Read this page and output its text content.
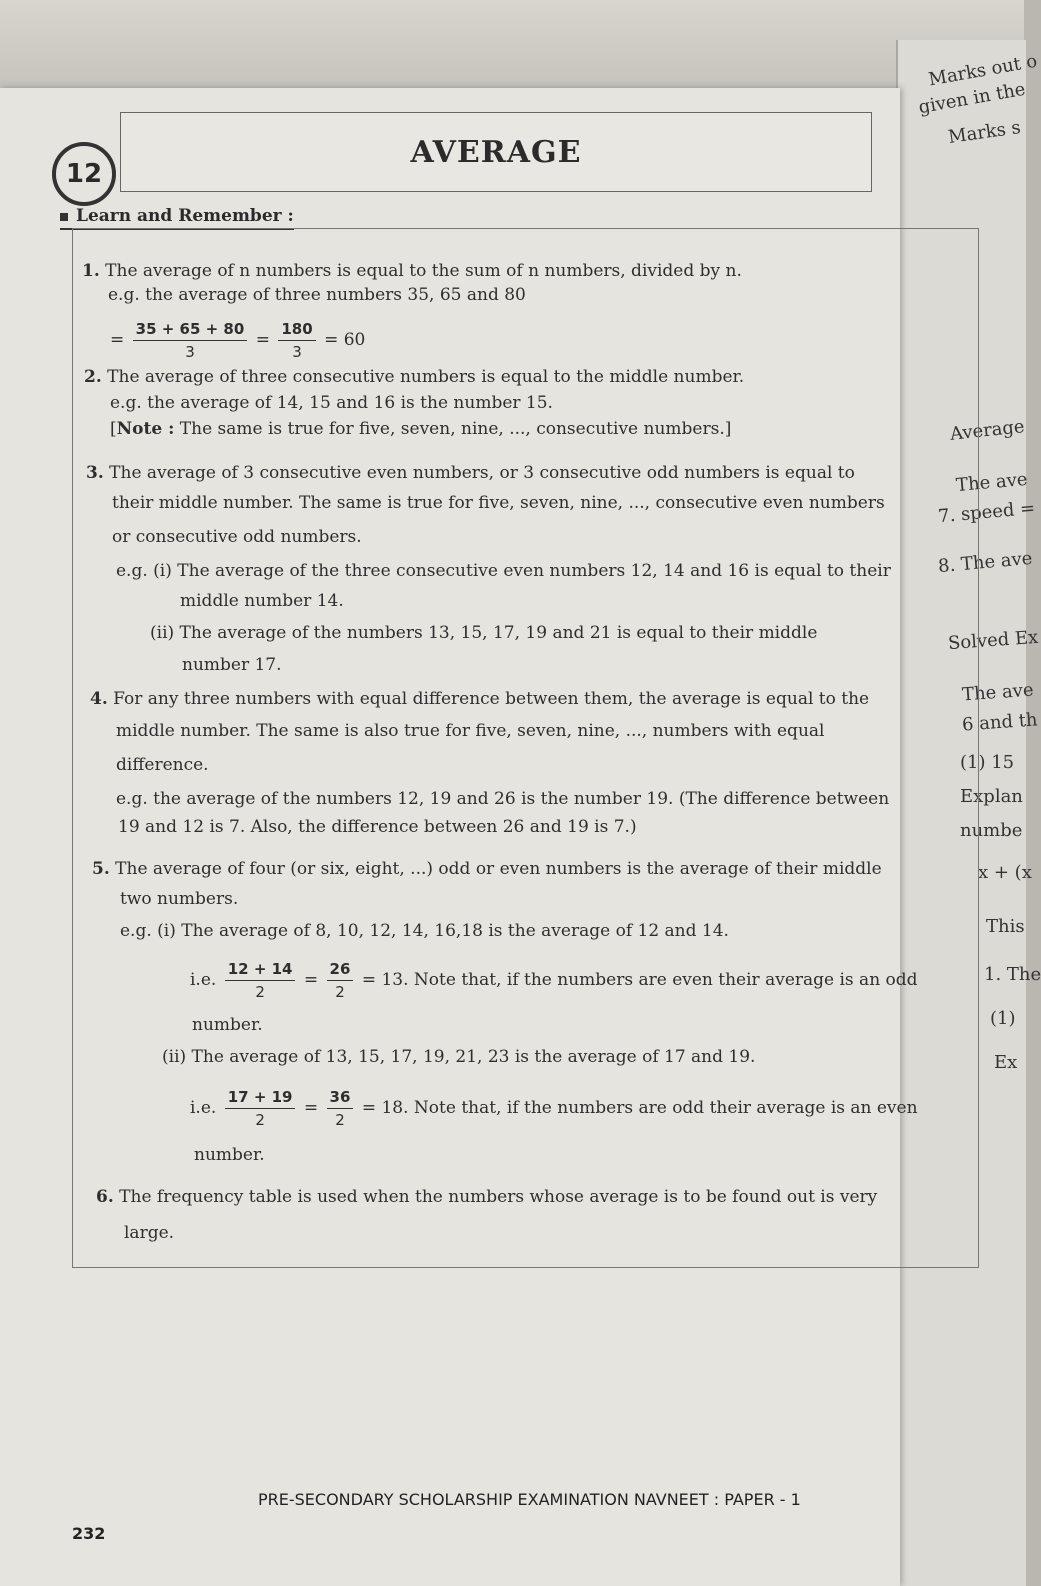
Marks out o
given in the
Marks s
Average
The ave
7. speed =
8. The ave
Solved Ex
The ave
6 and th
(1) 15
Explan
numbe
x + (x
This
1. The
(1)
Ex
12
AVERAGE
Learn and Remember :
1. The average of n numbers is equal to the sum of n numbers, divided by n.
e.g. the average of three numbers 35, 65 and 80
= $\frac{35 + 65 + 80}{3} = \frac{180}{3} = 60$
2. The average of three consecutive numbers is equal to the middle number.
e.g. the average of 14, 15 and 16 is the number 15.
[Note : The same is true for five, seven, nine, ..., consecutive numbers.]
3. The average of 3 consecutive even numbers, or 3 consecutive odd numbers is equal to
their middle number. The same is true for five, seven, nine, ..., consecutive even numbers
or consecutive odd numbers.
e.g. (i) The average of the three consecutive even numbers 12, 14 and 16 is equal to their
middle number 14.
(ii) The average of the numbers 13, 15, 17, 19 and 21 is equal to their middle
number 17.
4. For any three numbers with equal difference between them, the average is equal to the
middle number. The same is also true for five, seven, nine, ..., numbers with equal
difference.
e.g. the average of the numbers 12, 19 and 26 is the number 19. (The difference between
19 and 12 is 7. Also, the difference between 26 and 19 is 7.)
5. The average of four (or six, eight, ...) odd or even numbers is the average of their middle
two numbers.
e.g. (i) The average of 8, 10, 12, 14, 16,18 is the average of 12 and 14.
i.e. $\frac{12 + 14}{2} = \frac{26}{2} = 13$. Note that, if the numbers are even their average is an odd
number.
(ii) The average of 13, 15, 17, 19, 21, 23 is the average of 17 and 19.
i.e. $\frac{17 + 19}{2} = \frac{36}{2} = 18$. Note that, if the numbers are odd their average is an even
number.
6. The frequency table is used when the numbers whose average is to be found out is very
large.
PRE-SECONDARY SCHOLARSHIP EXAMINATION NAVNEET : PAPER - 1
232
